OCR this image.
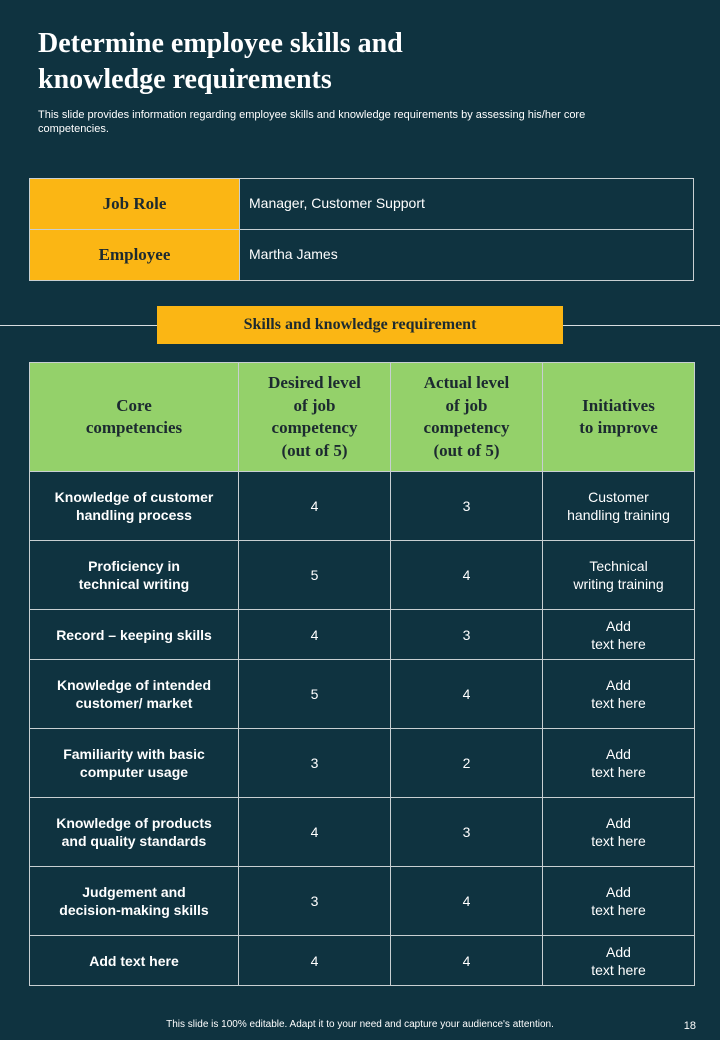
Determine employee skills and
knowledge requirements
This slide provides information regarding employee skills and knowledge requirements by assessing his/her core competencies.
Job Role	Manager, Customer Support
Employee	Martha James
Skills and knowledge requirement
Core
competencies	Desired level
of job
competency
(out of 5)	Actual level
of job
competency
(out of 5)	Initiatives
to improve
Knowledge of customer
handling process	4	3	Customer
handling training
Proficiency in
technical writing	5	4	Technical
writing training
Record – keeping skills	4	3	Add
text here
Knowledge of intended
customer/ market	5	4	Add
text here
Familiarity with basic
computer usage	3	2	Add
text here
Knowledge of products
and quality standards	4	3	Add
text here
Judgement and
decision-making skills	3	4	Add
text here
Add text here	4	4	Add
text here
This slide is 100% editable. Adapt it to your need and capture your audience's attention.	18
